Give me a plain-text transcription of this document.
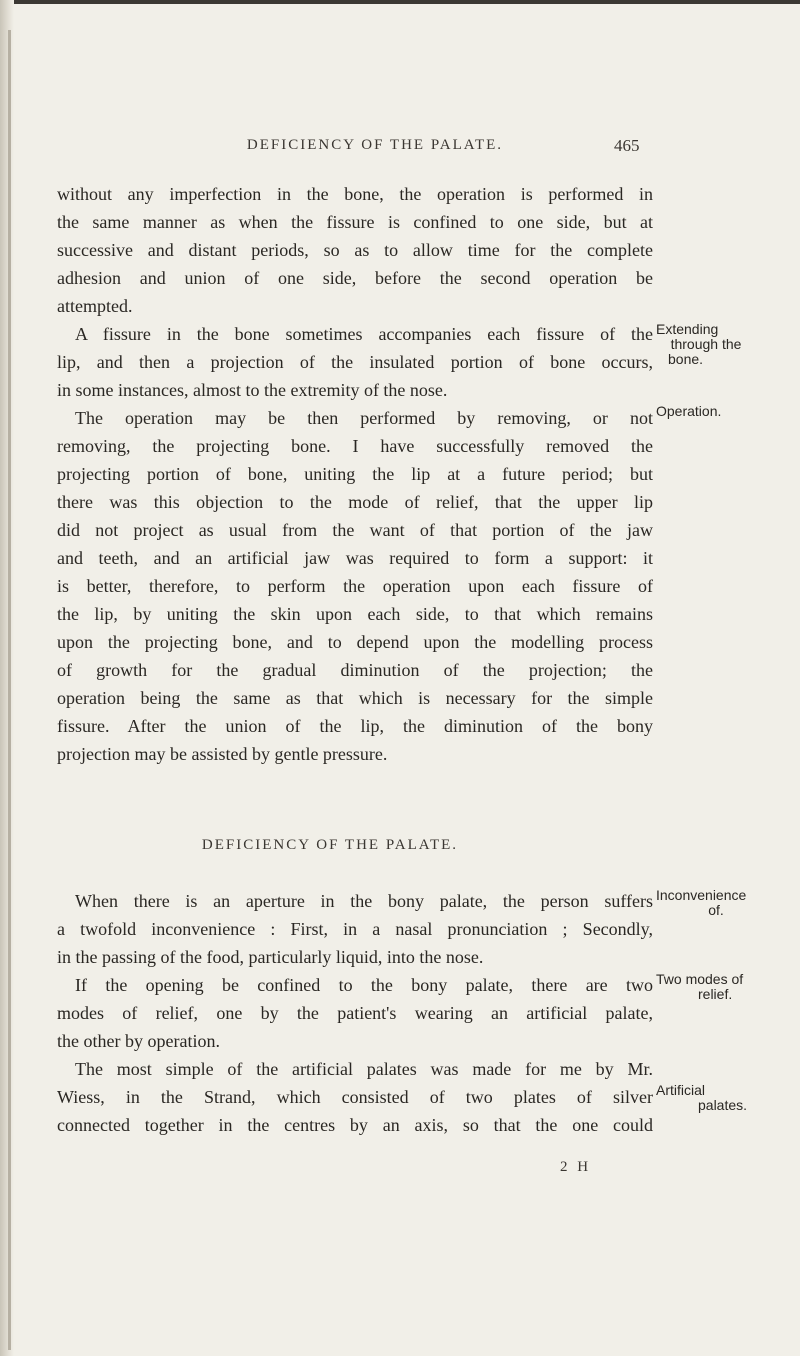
DEFICIENCY OF THE PALATE.	465
without any imperfection in the bone, the operation is performed in
the same manner as when the fissure is confined to one side, but at
successive and distant periods, so as to allow time for the complete
adhesion and union of one side, before the second operation be
attempted.
A fissure in the bone sometimes accompanies each fissure of the
lip, and then a projection of the insulated portion of bone occurs,
in some instances, almost to the extremity of the nose.
The operation may be then performed by removing, or not
removing, the projecting bone. I have successfully removed the
projecting portion of bone, uniting the lip at a future period; but
there was this objection to the mode of relief, that the upper lip
did not project as usual from the want of that portion of the jaw
and teeth, and an artificial jaw was required to form a support: it
is better, therefore, to perform the operation upon each fissure of
the lip, by uniting the skin upon each side, to that which remains
upon the projecting bone, and to depend upon the modelling process
of growth for the gradual diminution of the projection; the
operation being the same as that which is necessary for the simple
fissure. After the union of the lip, the diminution of the bony
projection may be assisted by gentle pressure.
DEFICIENCY OF THE PALATE.
When there is an aperture in the bony palate, the person suffers
a twofold inconvenience : First, in a nasal pronunciation ; Secondly,
in the passing of the food, particularly liquid, into the nose.
If the opening be confined to the bony palate, there are two
modes of relief, one by the patient's wearing an artificial palate,
the other by operation.
The most simple of the artificial palates was made for me by Mr.
Wiess, in the Strand, which consisted of two plates of silver
connected together in the centres by an axis, so that the one could
2 H
Extending
through the
bone.
Operation.
Inconvenience
of.
Two modes of
relief.
Artificial
palates.
